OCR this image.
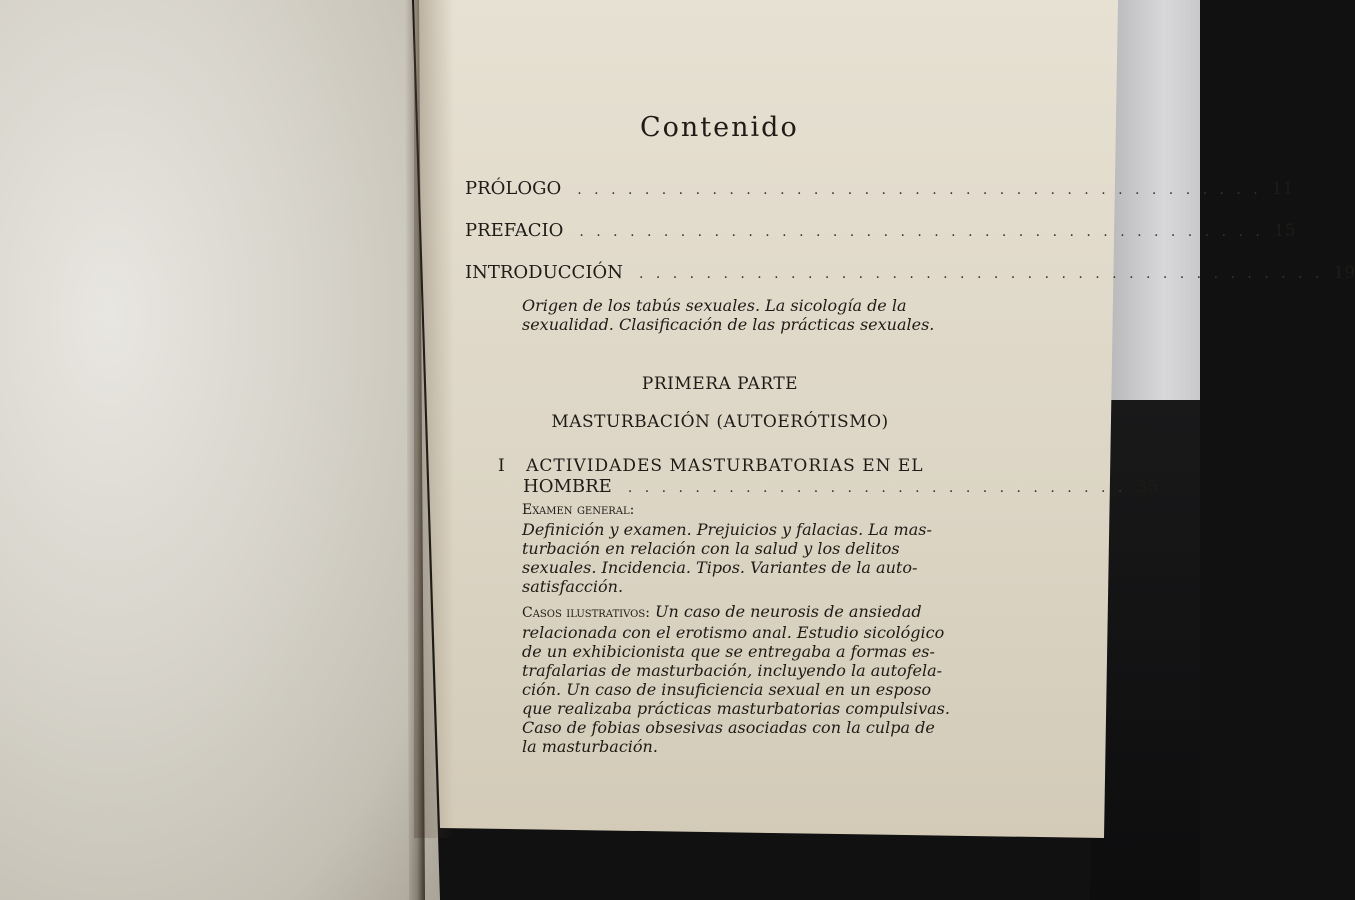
Contenido
PRÓLOGO . . . . . . . . . . . . . . . . . . . . . . . . . . . . . . . . . . . . . . . . . 11
PREFACIO . . . . . . . . . . . . . . . . . . . . . . . . . . . . . . . . . . . . . . . . . 15
INTRODUCCIÓN . . . . . . . . . . . . . . . . . . . . . . . . . . . . . . . . . . . . . . . . . 19
Origen de los tabús sexuales. La sicología de la
sexualidad. Clasificación de las prácticas sexuales.
PRIMERA PARTE
MASTURBACIÓN (AUTOERÓTISMO)
I ACTIVIDADES MASTURBATORIAS EN EL
HOMBRE . . . . . . . . . . . . . . . . . . . . . . . . . . . . . . 35
Examen general:
Definición y examen. Prejuicios y falacias. La mas-
turbación en relación con la salud y los delitos
sexuales. Incidencia. Tipos. Variantes de la auto-
satisfacción.
Casos ilustrativos: Un caso de neurosis de ansiedad
relacionada con el erotismo anal. Estudio sicológico
de un exhibicionista que se entregaba a formas es-
trafalarias de masturbación, incluyendo la autofela-
ción. Un caso de insuficiencia sexual en un esposo
que realizaba prácticas masturbatorias compulsivas.
Caso de fobias obsesivas asociadas con la culpa de
la masturbación.
